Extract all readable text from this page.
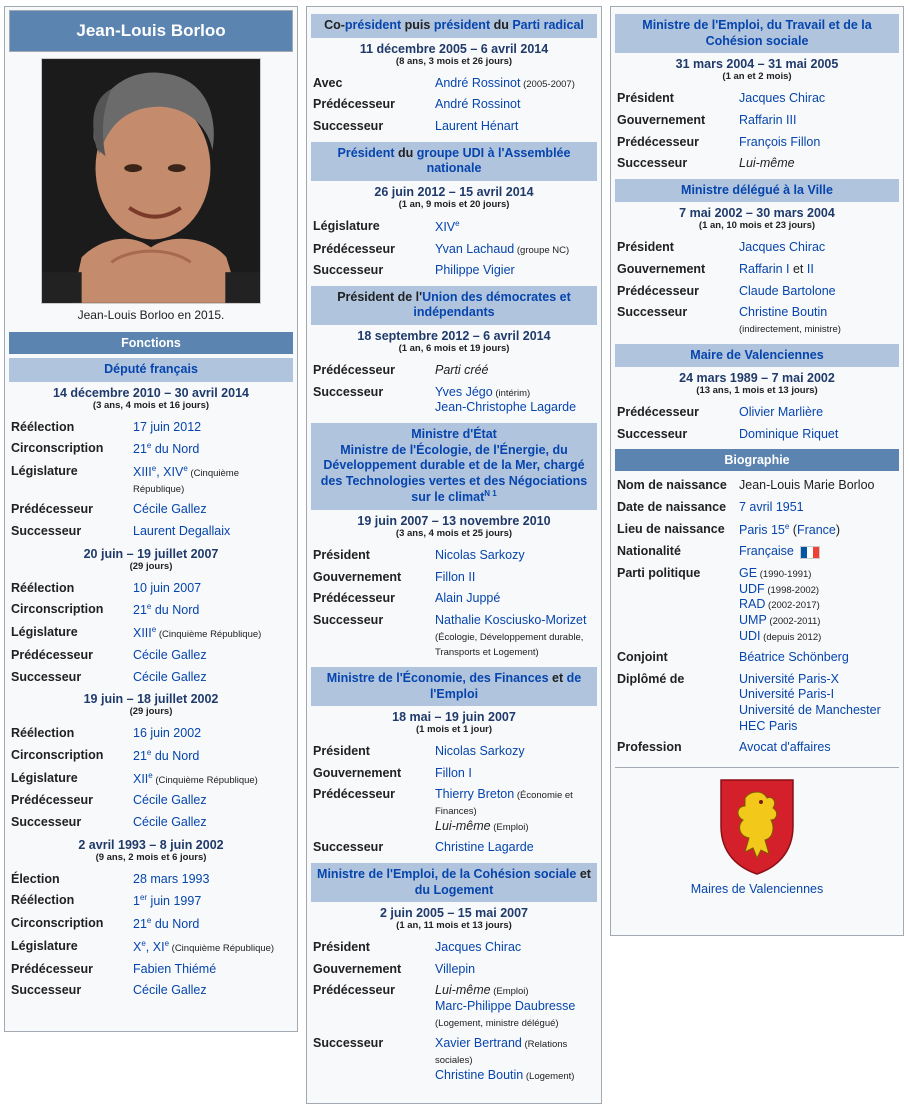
Jean-Louis Borloo
Jean-Louis Borloo en 2015.
Fonctions
Député français
14 décembre 2010 – 30 avril 2014
(3 ans, 4 mois et 16 jours)
Réélection	17 juin 2012
Circonscription	21e du Nord
Législature	XIIIe, XIVe (Cinquième République)
Prédécesseur	Cécile Gallez
Successeur	Laurent Degallaix
20 juin – 19 juillet 2007
(29 jours)
Réélection	10 juin 2007
Circonscription	21e du Nord
Législature	XIIIe (Cinquième République)
Prédécesseur	Cécile Gallez
Successeur	Cécile Gallez
19 juin – 18 juillet 2002
(29 jours)
Réélection	16 juin 2002
Circonscription	21e du Nord
Législature	XIIe (Cinquième République)
Prédécesseur	Cécile Gallez
Successeur	Cécile Gallez
2 avril 1993 – 8 juin 2002
(9 ans, 2 mois et 6 jours)
Élection	28 mars 1993
Réélection	1er juin 1997
Circonscription	21e du Nord
Législature	Xe, XIe (Cinquième République)
Prédécesseur	Fabien Thiémé
Successeur	Cécile Gallez
Co-président puis président du Parti radical
11 décembre 2005 – 6 avril 2014
(8 ans, 3 mois et 26 jours)
Avec	André Rossinot (2005-2007)
Prédécesseur	André Rossinot
Successeur	Laurent Hénart
Président du groupe UDI à l'Assemblée nationale
26 juin 2012 – 15 avril 2014
(1 an, 9 mois et 20 jours)
Législature	XIVe
Prédécesseur	Yvan Lachaud (groupe NC)
Successeur	Philippe Vigier
Président de l'Union des démocrates et indépendants
18 septembre 2012 – 6 avril 2014
(1 an, 6 mois et 19 jours)
Prédécesseur	Parti créé
Successeur	Yves Jégo (intérim)
Jean-Christophe Lagarde
Ministre d'État
Ministre de l'Écologie, de l'Énergie, du Développement durable et de la Mer, chargé des Technologies vertes et des Négociations sur le climat$^{N 1}$
19 juin 2007 – 13 novembre 2010
(3 ans, 4 mois et 25 jours)
Président	Nicolas Sarkozy
Gouvernement	Fillon II
Prédécesseur	Alain Juppé
Successeur	Nathalie Kosciusko-Morizet
(Écologie, Développement durable, Transports et Logement)
Ministre de l'Économie, des Finances et de l'Emploi
18 mai – 19 juin 2007
(1 mois et 1 jour)
Président	Nicolas Sarkozy
Gouvernement	Fillon I
Prédécesseur	Thierry Breton (Économie et Finances)
Lui-même (Emploi)
Successeur	Christine Lagarde
Ministre de l'Emploi, de la Cohésion sociale et du Logement
2 juin 2005 – 15 mai 2007
(1 an, 11 mois et 13 jours)
Président	Jacques Chirac
Gouvernement	Villepin
Prédécesseur	Lui-même (Emploi)
Marc-Philippe Daubresse
(Logement, ministre délégué)
Successeur	Xavier Bertrand (Relations sociales)
Christine Boutin (Logement)
Ministre de l'Emploi, du Travail et de la Cohésion sociale
31 mars 2004 – 31 mai 2005
(1 an et 2 mois)
Président	Jacques Chirac
Gouvernement	Raffarin III
Prédécesseur	François Fillon
Successeur	Lui-même
Ministre délégué à la Ville
7 mai 2002 – 30 mars 2004
(1 an, 10 mois et 23 jours)
Président	Jacques Chirac
Gouvernement	Raffarin I et II
Prédécesseur	Claude Bartolone
Successeur	Christine Boutin
(indirectement, ministre)
Maire de Valenciennes
24 mars 1989 – 7 mai 2002
(13 ans, 1 mois et 13 jours)
Prédécesseur	Olivier Marlière
Successeur	Dominique Riquet
Biographie
Nom de naissance Jean-Louis Marie Borloo
Date de naissance	7 avril 1951
Lieu de naissance	Paris 15e (France)
Nationalité	Française
Parti politique	GE (1990-1991)
UDF (1998-2002)
RAD (2002-2017)
UMP (2002-2011)
UDI (depuis 2012)
Conjoint	Béatrice Schönberg
Diplômé de	Université Paris-X
Université Paris-I
Université de Manchester
HEC Paris
Profession	Avocat d'affaires
Maires de Valenciennes
